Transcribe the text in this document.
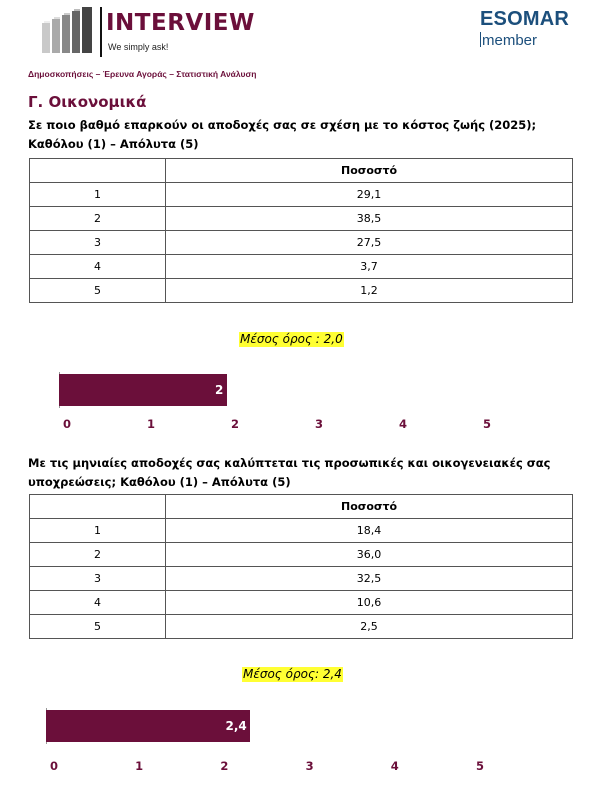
INTERVIEW
We simply ask!
ESOMAR
member
Δημοσκοπήσεις – Έρευνα Αγοράς – Στατιστική Ανάλυση
Γ. Οικονομικά
Σε ποιο βαθμό επαρκούν οι αποδοχές σας σε σχέση με το κόστος ζωής (2025); Καθόλου (1) – Απόλυτα (5)
	Ποσοστό
1	29,1
2	38,5
3	27,5
4	3,7
5	1,2
Μέσος όρος : 2,0
Με τις μηνιαίες αποδοχές σας καλύπτεται τις προσωπικές και οικογενειακές σας υποχρεώσεις; Καθόλου (1) – Απόλυτα (5)
	Ποσοστό
1	18,4
2	36,0
3	32,5
4	10,6
5	2,5
Μέσος όρος: 2,4
2
0	1	2	3	4	5
2,4
0	1	2	3	4	5
